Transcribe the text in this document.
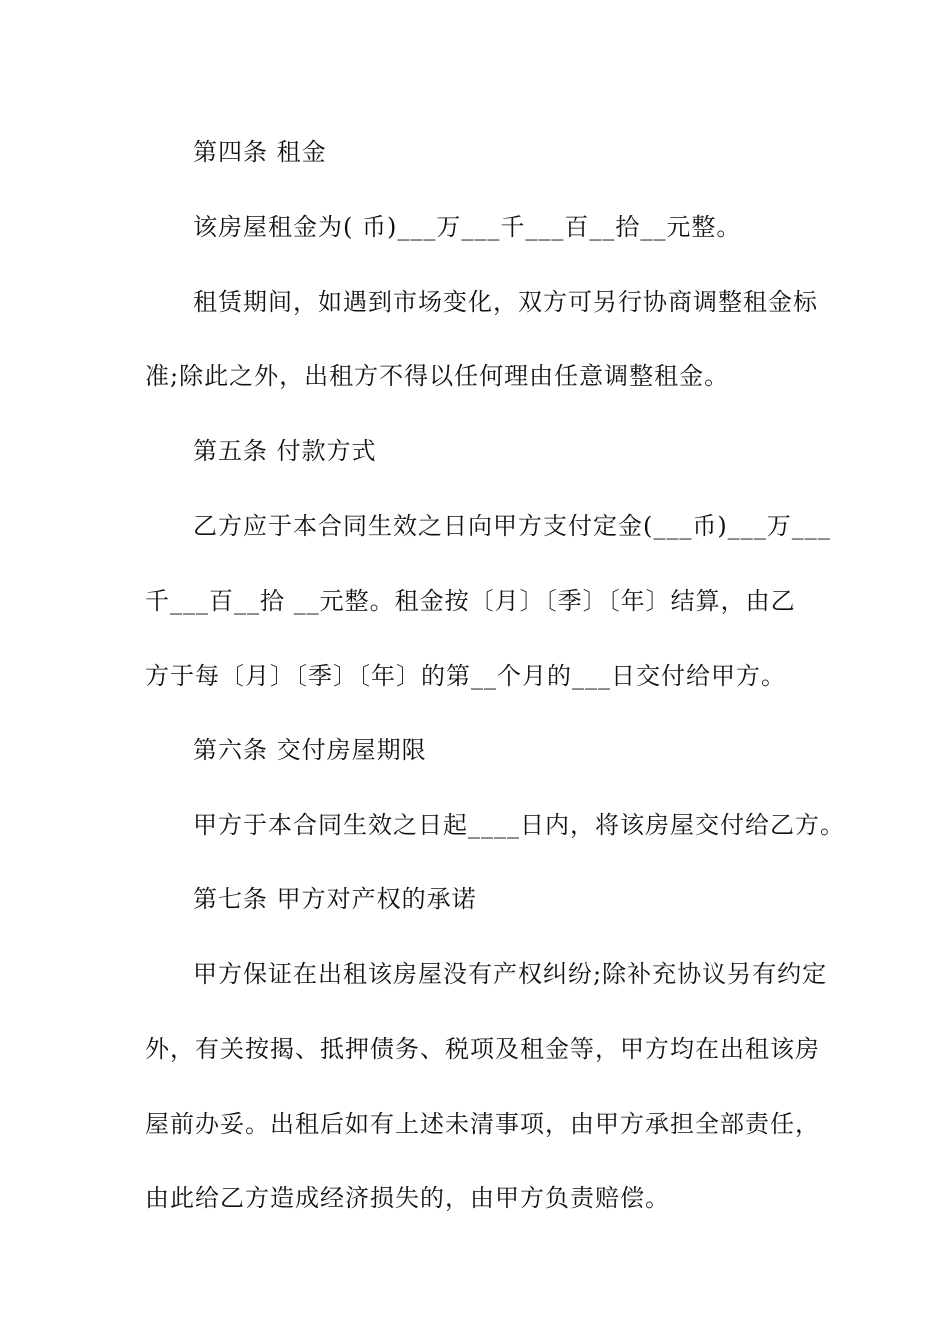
第四条 租金
该房屋租金为( 币)___万___千___百__拾__元整。
租赁期间，如遇到市场变化，双方可另行协商调整租金标
准;除此之外，出租方不得以任何理由任意调整租金。
第五条 付款方式
乙方应于本合同生效之日向甲方支付定金(___币)___万___
千___百__拾 __元整。租金按〔月〕〔季〕〔年〕结算，由乙
方于每〔月〕〔季〕〔年〕的第__个月的___日交付给甲方。
第六条 交付房屋期限
甲方于本合同生效之日起____日内，将该房屋交付给乙方。
第七条 甲方对产权的承诺
甲方保证在出租该房屋没有产权纠纷;除补充协议另有约定
外，有关按揭、抵押债务、税项及租金等，甲方均在出租该房
屋前办妥。出租后如有上述未清事项，由甲方承担全部责任，
由此给乙方造成经济损失的，由甲方负责赔偿。
